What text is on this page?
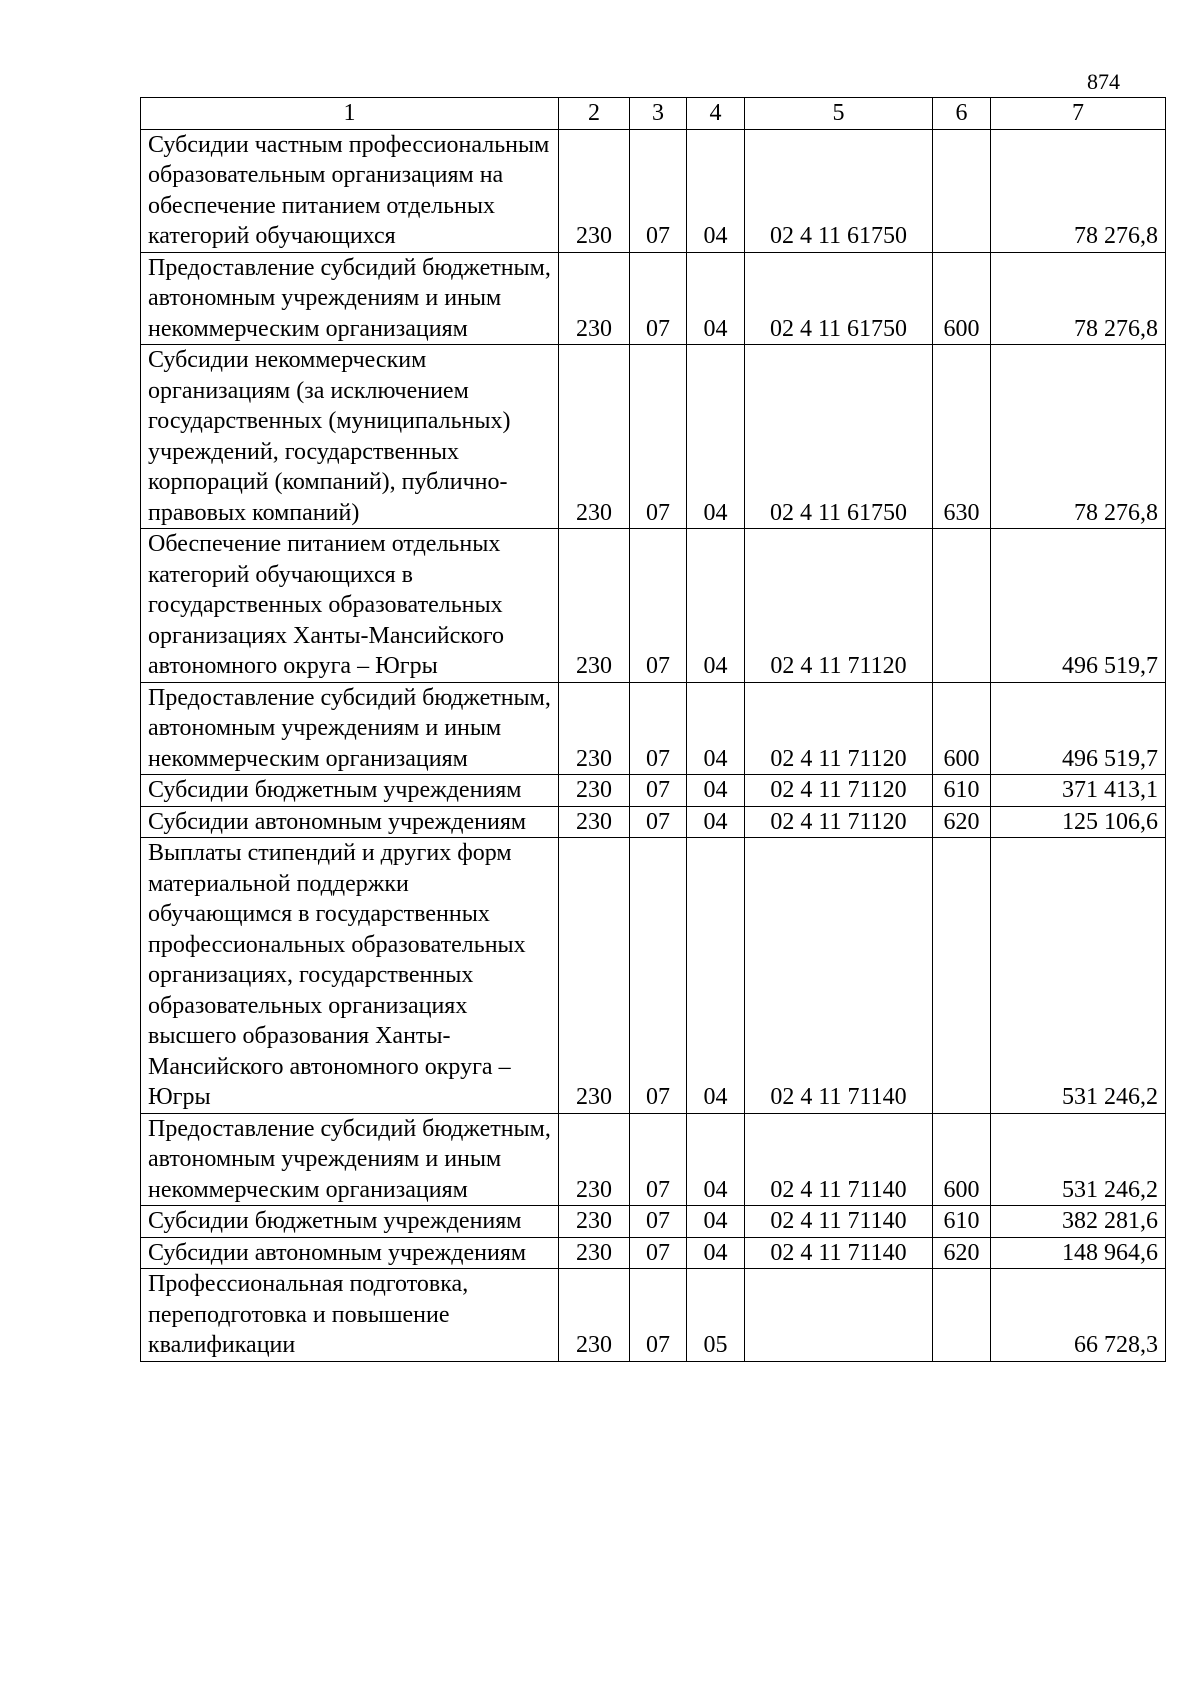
874
1	2	3	4	5	6	7
Субсидии частным профессиональным образовательным организациям на обеспечение питанием отдельных категорий обучающихся	230	07	04	02 4 11 61750		78 276,8
Предоставление субсидий бюджетным, автономным учреждениям и иным некоммерческим организациям	230	07	04	02 4 11 61750	600	78 276,8
Субсидии некоммерческим организациям (за исключением государственных (муниципальных) учреждений, государственных корпораций (компаний), публично-правовых компаний)	230	07	04	02 4 11 61750	630	78 276,8
Обеспечение питанием отдельных категорий обучающихся в государственных образовательных организациях Ханты-Мансийского автономного округа – Югры	230	07	04	02 4 11 71120		496 519,7
Предоставление субсидий бюджетным, автономным учреждениям и иным некоммерческим организациям	230	07	04	02 4 11 71120	600	496 519,7
Субсидии бюджетным учреждениям	230	07	04	02 4 11 71120	610	371 413,1
Субсидии автономным учреждениям	230	07	04	02 4 11 71120	620	125 106,6
Выплаты стипендий и других форм материальной поддержки обучающимся в государственных профессиональных образовательных организациях, государственных образовательных организациях высшего образования Ханты-Мансийского автономного округа – Югры	230	07	04	02 4 11 71140		531 246,2
Предоставление субсидий бюджетным, автономным учреждениям и иным некоммерческим организациям	230	07	04	02 4 11 71140	600	531 246,2
Субсидии бюджетным учреждениям	230	07	04	02 4 11 71140	610	382 281,6
Субсидии автономным учреждениям	230	07	04	02 4 11 71140	620	148 964,6
Профессиональная подготовка, переподготовка и повышение квалификации	230	07	05			66 728,3
